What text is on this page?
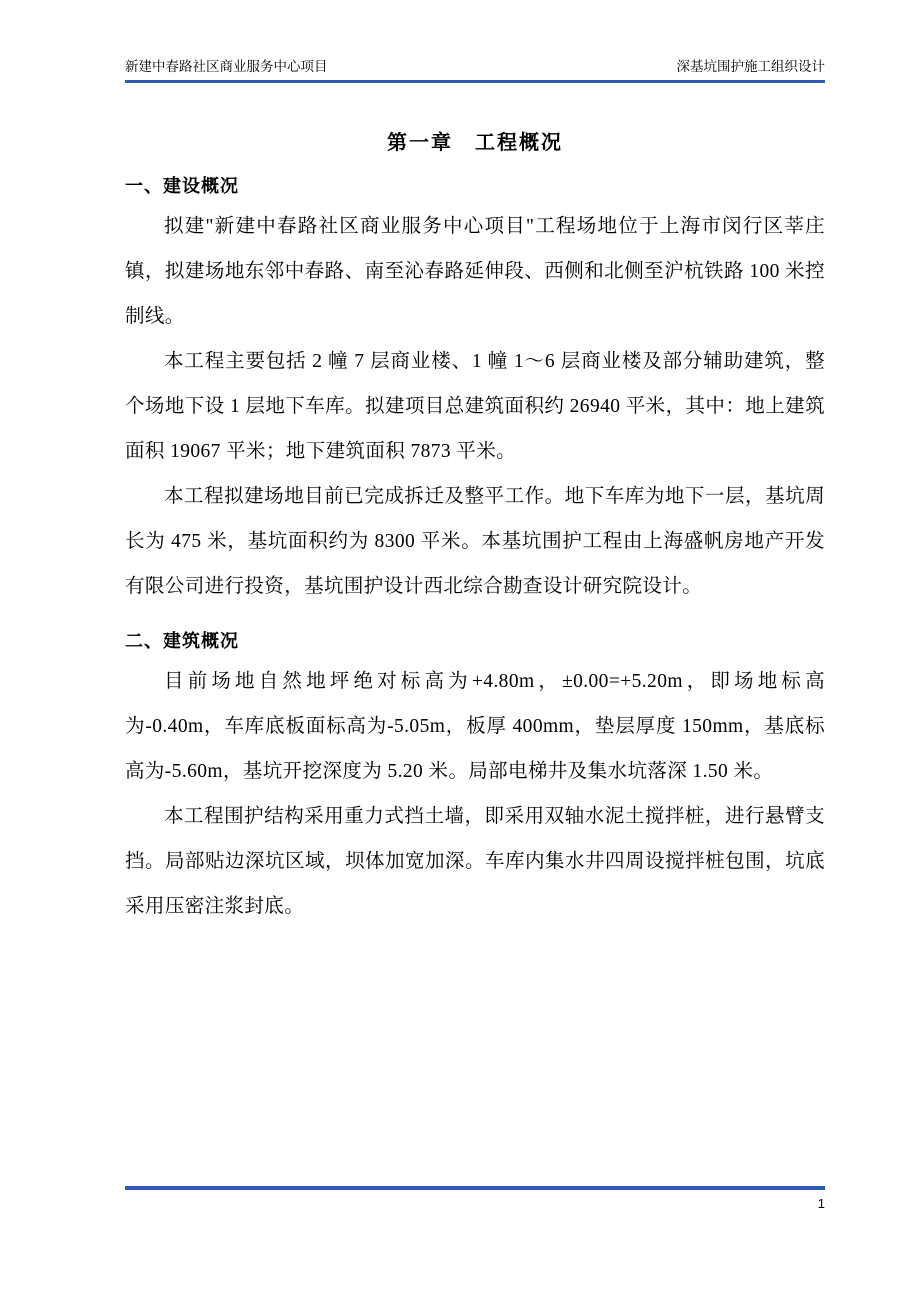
新建中春路社区商业服务中心项目	深基坑围护施工组织设计
第一章　工程概况
一、建设概况

拟建"新建中春路社区商业服务中心项目"工程场地位于上海市闵行区莘庄镇，拟建场地东邻中春路、南至沁春路延伸段、西侧和北侧至沪杭铁路 100 米控制线。

本工程主要包括 2 幢 7 层商业楼、1 幢 1～6 层商业楼及部分辅助建筑，整个场地下设 1 层地下车库。拟建项目总建筑面积约 26940 平米，其中：地上建筑面积 19067 平米；地下建筑面积 7873 平米。

本工程拟建场地目前已完成拆迁及整平工作。地下车库为地下一层，基坑周长为 475 米，基坑面积约为 8300 平米。本基坑围护工程由上海盛帆房地产开发有限公司进行投资，基坑围护设计西北综合勘查设计研究院设计。

二、建筑概况

目前场地自然地坪绝对标高为+4.80m，±0.00=+5.20m，即场地标高为-0.40m，车库底板面标高为-5.05m，板厚 400mm，垫层厚度 150mm，基底标高为-5.60m，基坑开挖深度为 5.20 米。局部电梯井及集水坑落深 1.50 米。

本工程围护结构采用重力式挡土墙，即采用双轴水泥土搅拌桩，进行悬臂支挡。局部贴边深坑区域，坝体加宽加深。车库内集水井四周设搅拌桩包围，坑底采用压密注浆封底。

1
